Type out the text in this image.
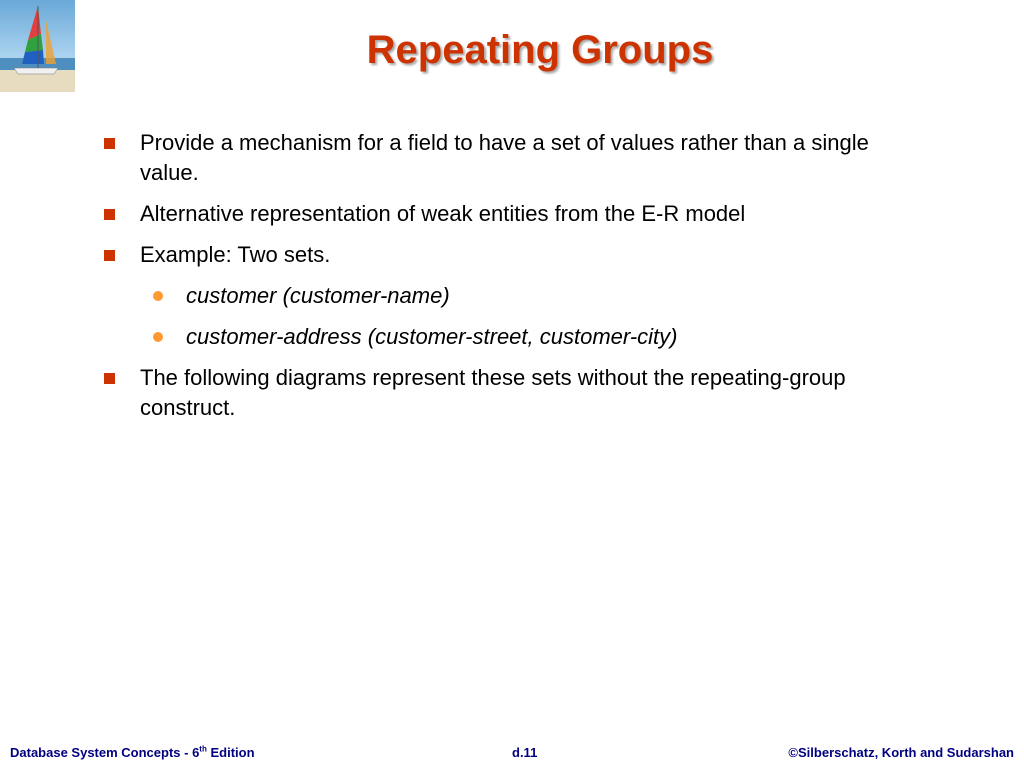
Repeating Groups
Provide a mechanism for a field to have a set of values rather than a single value.
Alternative representation of weak entities from the E-R model
Example: Two sets.
customer (customer-name)
customer-address (customer-street, customer-city)
The following diagrams represent these sets without the repeating-group construct.
Database System Concepts - 6th Edition	d.11	©Silberschatz, Korth and Sudarshan
